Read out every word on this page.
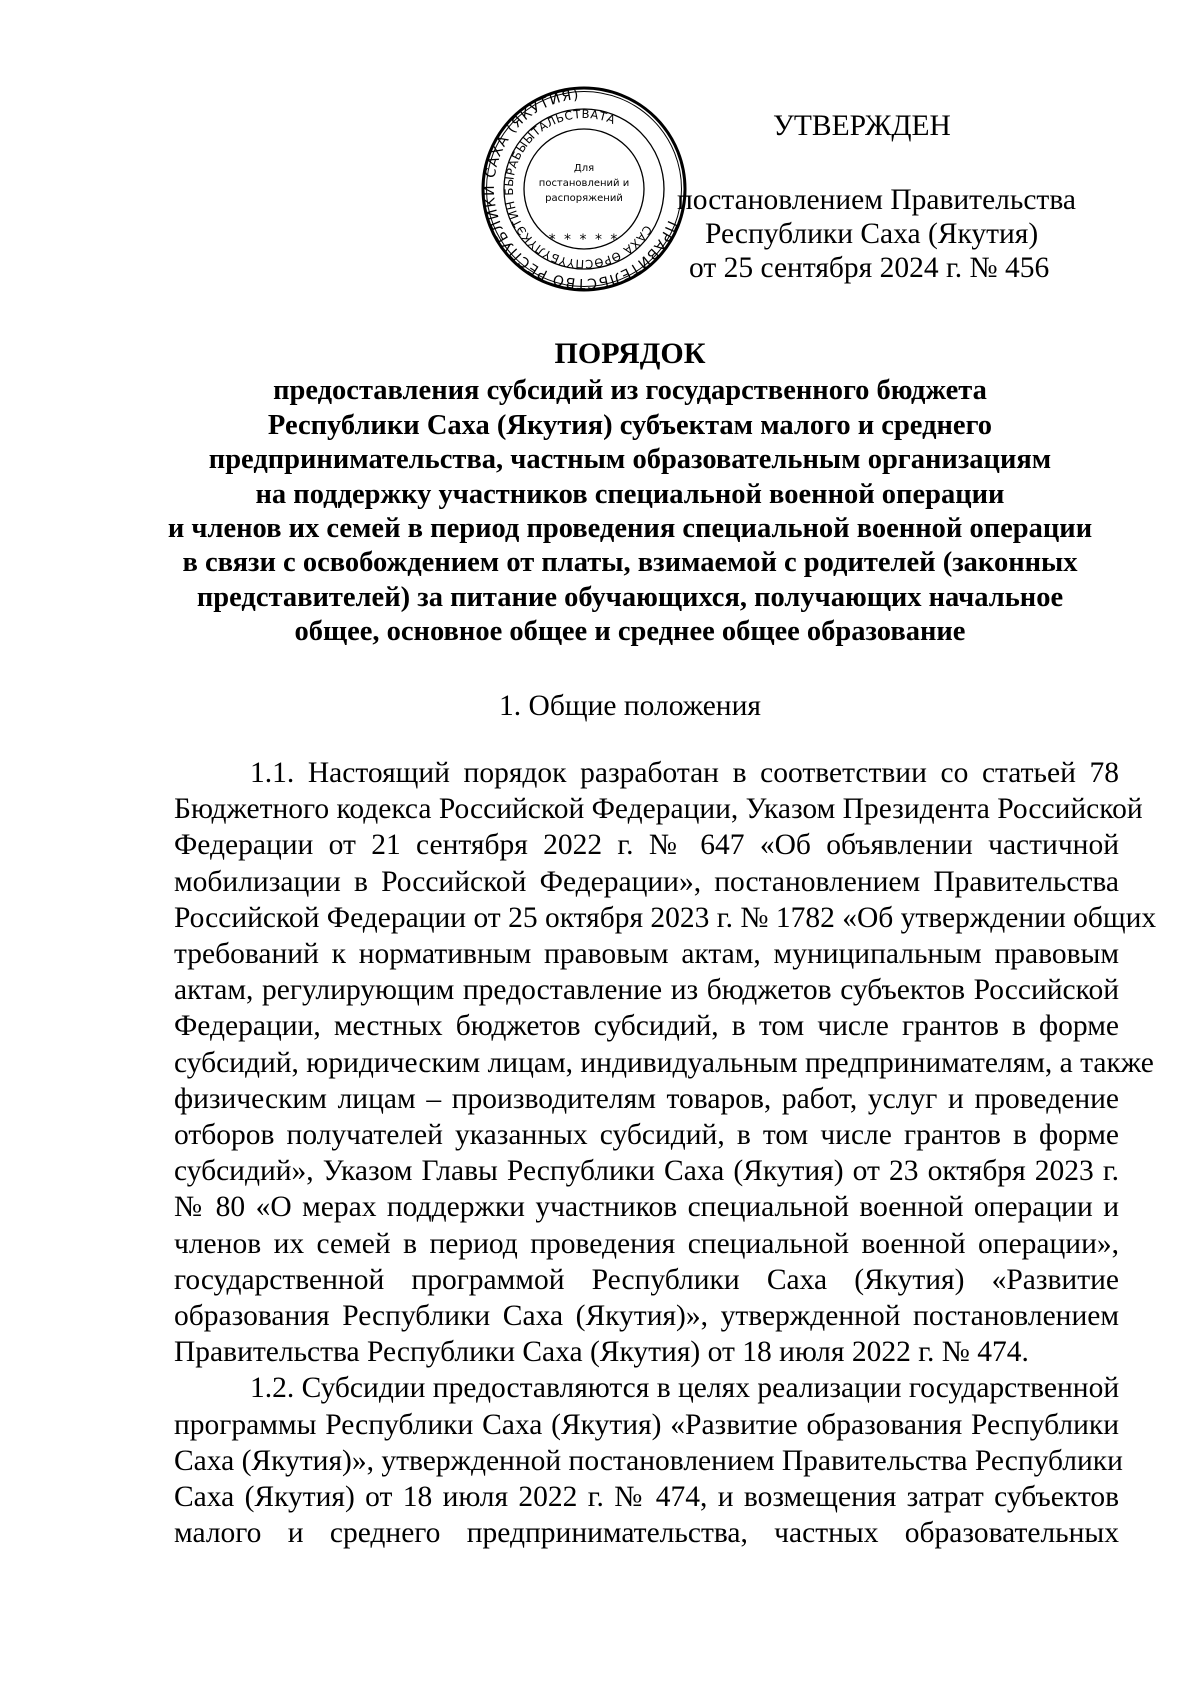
ПРАВИТЕЛЬСТВО РЕСПУБЛИКИ САХА (ЯКУТИЯ)
САХА ӨРӨСПҮҮБҮЛҮКЭТИН БЫРАБЫЫТАЛЬСТВАТА
Для
постановлений и
распоряжений
* * * * *
УТВЕРЖДЕН
постановлением Правительства
Республики Саха (Якутия)
от 25 сентября 2024 г. № 456
ПОРЯДОК
предоставления субсидий из государственного бюджета
Республики Саха (Якутия) субъектам малого и среднего
предпринимательства, частным образовательным организациям
на поддержку участников специальной военной операции
и членов их семей в период проведения специальной военной операции
в связи с освобождением от платы, взимаемой с родителей (законных
представителей) за питание обучающихся, получающих начальное
общее, основное общее и среднее общее образование
1. Общие положения
1.1. Настоящий порядок разработан в соответствии со статьей 78
Бюджетного кодекса Российской Федерации, Указом Президента Российской
Федерации от 21 сентября 2022 г. № 647 «Об объявлении частичной
мобилизации в Российской Федерации», постановлением Правительства
Российской Федерации от 25 октября 2023 г. № 1782 «Об утверждении общих
требований к нормативным правовым актам, муниципальным правовым
актам, регулирующим предоставление из бюджетов субъектов Российской
Федерации, местных бюджетов субсидий, в том числе грантов в форме
субсидий, юридическим лицам, индивидуальным предпринимателям, а также
физическим лицам – производителям товаров, работ, услуг и проведение
отборов получателей указанных субсидий, в том числе грантов в форме
субсидий», Указом Главы Республики Саха (Якутия) от 23 октября 2023 г.
№ 80 «О мерах поддержки участников специальной военной операции и
членов их семей в период проведения специальной военной операции»,
государственной программой Республики Саха (Якутия) «Развитие
образования Республики Саха (Якутия)», утвержденной постановлением
Правительства Республики Саха (Якутия) от 18 июля 2022 г. № 474.
1.2. Субсидии предоставляются в целях реализации государственной
программы Республики Саха (Якутия) «Развитие образования Республики
Саха (Якутия)», утвержденной постановлением Правительства Республики
Саха (Якутия) от 18 июля 2022 г. № 474, и возмещения затрат субъектов
малого и среднего предпринимательства, частных образовательных
